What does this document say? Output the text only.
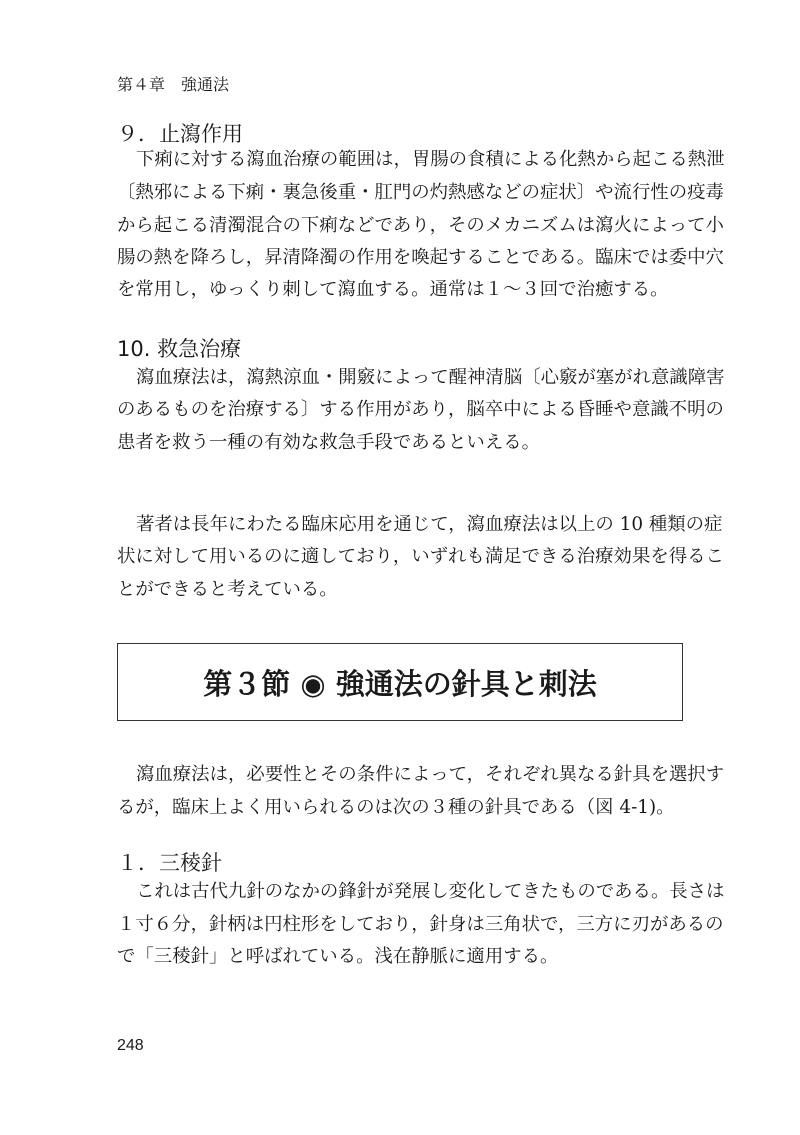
第４章　強通法
９．止瀉作用
下痢に対する瀉血治療の範囲は，胃腸の食積による化熱から起こる熱泄
〔熱邪による下痢・裏急後重・肛門の灼熱感などの症状〕や流行性の疫毒
から起こる清濁混合の下痢などであり，そのメカニズムは瀉火によって小
腸の熱を降ろし，昇清降濁の作用を喚起することである。臨床では委中穴
を常用し，ゆっくり刺して瀉血する。通常は１～３回で治癒する。
10. 救急治療
瀉血療法は，瀉熱涼血・開竅によって醒神清脳〔心竅が塞がれ意識障害
のあるものを治療する〕する作用があり，脳卒中による昏睡や意識不明の
患者を救う一種の有効な救急手段であるといえる。
著者は長年にわたる臨床応用を通じて，瀉血療法は以上の 10 種類の症
状に対して用いるのに適しており，いずれも満足できる治療効果を得るこ
とができると考えている。
第３節 ◉ 強通法の針具と刺法
瀉血療法は，必要性とその条件によって，それぞれ異なる針具を選択す
るが，臨床上よく用いられるのは次の３種の針具である（図 4-1)。
１．三稜針
これは古代九針のなかの鋒針が発展し変化してきたものである。長さは
１寸６分，針柄は円柱形をしており，針身は三角状で，三方に刃があるの
で「三稜針」と呼ばれている。浅在静脈に適用する。
248
